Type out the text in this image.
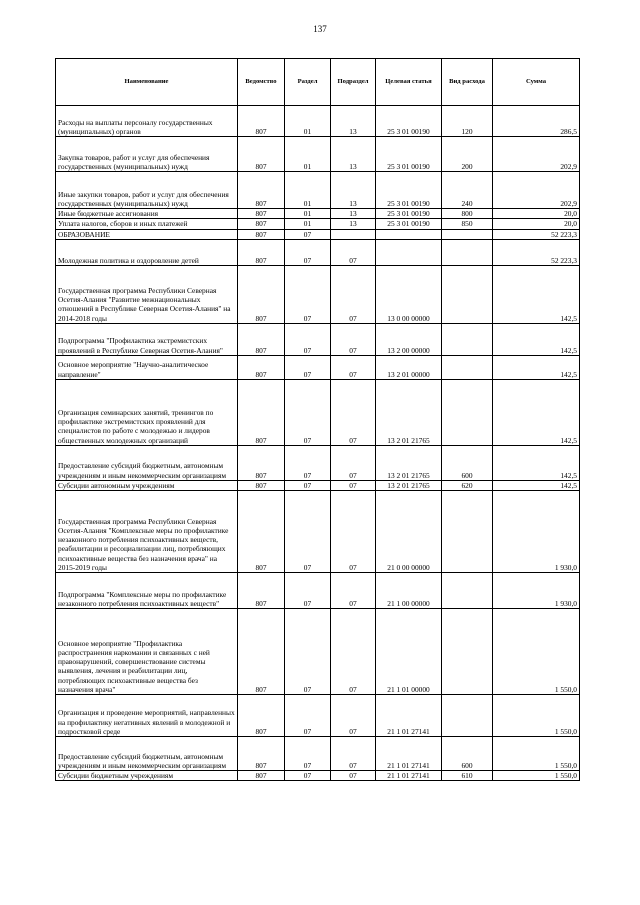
137
Наименование	Ведомство	Раздел	Подраздел	Целевая статья	Вид расхода	Сумма
Расходы на выплаты персоналу государственных (муниципальных) органов	807	01	13	25 3 01 00190	120	286,5
Закупка товаров, работ и услуг для обеспечения государственных (муниципальных) нужд	807	01	13	25 3 01 00190	200	202,9
Иные закупки товаров, работ и услуг для обеспечения государственных (муниципальных) нужд	807	01	13	25 3 01 00190	240	202,9
Иные бюджетные ассигнования	807	01	13	25 3 01 00190	800	20,0
Уплата налогов, сборов и иных платежей	807	01	13	25 3 01 00190	850	20,0
ОБРАЗОВАНИЕ	807	07				52 223,3
Молодежная политика и оздоровление детей	807	07	07			52 223,3
Государственная программа Республики Северная Осетия-Алания "Развитие межнациональных отношений в Республике Северная Осетия-Алания" на 2014-2018 годы	807	07	07	13 0 00 00000		142,5
Подпрограмма "Профилактика экстремистских проявлений в Республике Северная Осетия-Алания"	807	07	07	13 2 00 00000		142,5
Основное мероприятие "Научно-аналитическое направление"	807	07	07	13 2 01 00000		142,5
Организация семинарских занятий, тренингов по профилактике экстремистских проявлений для специалистов по работе с молодежью и лидеров общественных молодежных организаций	807	07	07	13 2 01 21765		142,5
Предоставление субсидий бюджетным, автономным учреждениям и иным некоммерческим организациям	807	07	07	13 2 01 21765	600	142,5
Субсидии автономным учреждениям	807	07	07	13 2 01 21765	620	142,5
Государственная программа Республики Северная Осетия-Алания "Комплексные меры по профилактике незаконного потребления психоактивных веществ, реабилитации и ресоциализации лиц, потребляющих психоактивные вещества без назначения врача" на 2015-2019 годы	807	07	07	21 0 00 00000		1 930,0
Подпрограмма "Комплексные меры по профилактике незаконного потребления психоактивных веществ"	807	07	07	21 1 00 00000		1 930,0
Основное мероприятие "Профилактика распространения наркомании и связанных с ней правонарушений, совершенствование системы выявления, лечения и реабилитации лиц, потребляющих психоактивные вещества без назначения врача"	807	07	07	21 1 01 00000		1 550,0
Организация и проведение мероприятий, направленных на профилактику негативных явлений в молодежной и подростковой среде	807	07	07	21 1 01 27141		1 550,0
Предоставление субсидий бюджетным, автономным учреждениям и иным некоммерческим организациям	807	07	07	21 1 01 27141	600	1 550,0
Субсидии бюджетным учреждениям	807	07	07	21 1 01 27141	610	1 550,0
